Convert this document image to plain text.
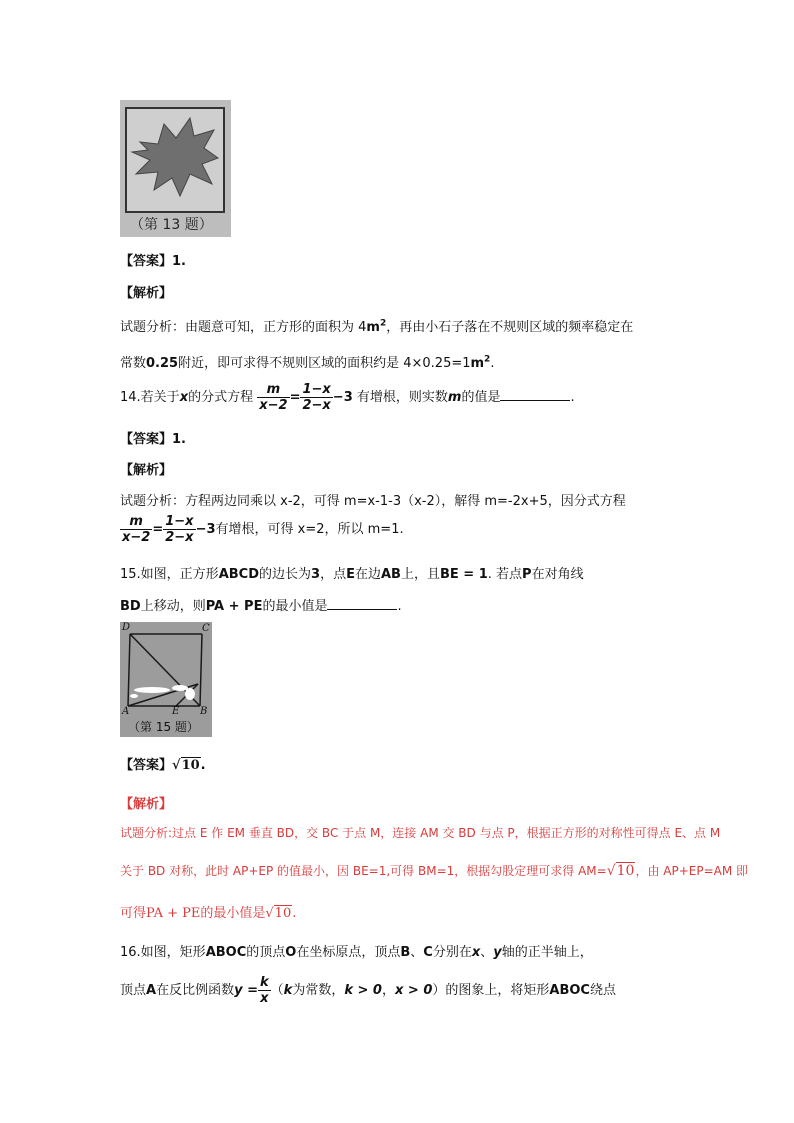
（第 13 题）
【答案】1.
【解析】
试题分析：由题意可知，正方形的面积为 $4m^2$，再由小石子落在不规则区域的频率稳定在
常数0.25附近，即可求得不规则区域的面积约是 $4\times 0.25=1m^2$.
14.若关于x的分式方程 $\frac{m}{x-2} = \frac{1-x}{2-x} -3$ 有增根，则实数m的值是	.
【答案】1.
【解析】
试题分析：方程两边同乘以 x-2，可得 m=x-1-3（x-2），解得 m=-2x+5，因分式方程
$\frac{m}{x-2} = \frac{1-x}{2-x} -3$有增根，可得 x=2，所以 m=1.
15.如图，正方形ABCD的边长为3，点E在边AB上，且BE = 1. 若点P在对角线
BD上移动，则PA + PE的最小值是	.
D	C
A	E B
（第 15 题）
【答案】√10.
【解析】
试题分析:过点 E 作 EM 垂直 BD，交 BC 于点 M，连接 AM 交 BD 与点 P，根据正方形的对称性可得点 E、点 M
关于 BD 对称，此时 AP+EP 的值最小，因 BE=1,可得 BM=1，根据勾股定理可求得 AM=√10，由 AP+EP=AM 即
可得PA + PE的最小值是√10.
16.如图，矩形ABOC的顶点O在坐标原点，顶点B、C分别在x、y轴的正半轴上，
顶点A在反比例函数$y = \frac{k}{x} (k$为常数，k > 0，x > 0）的图象上，将矩形ABOC绕点
